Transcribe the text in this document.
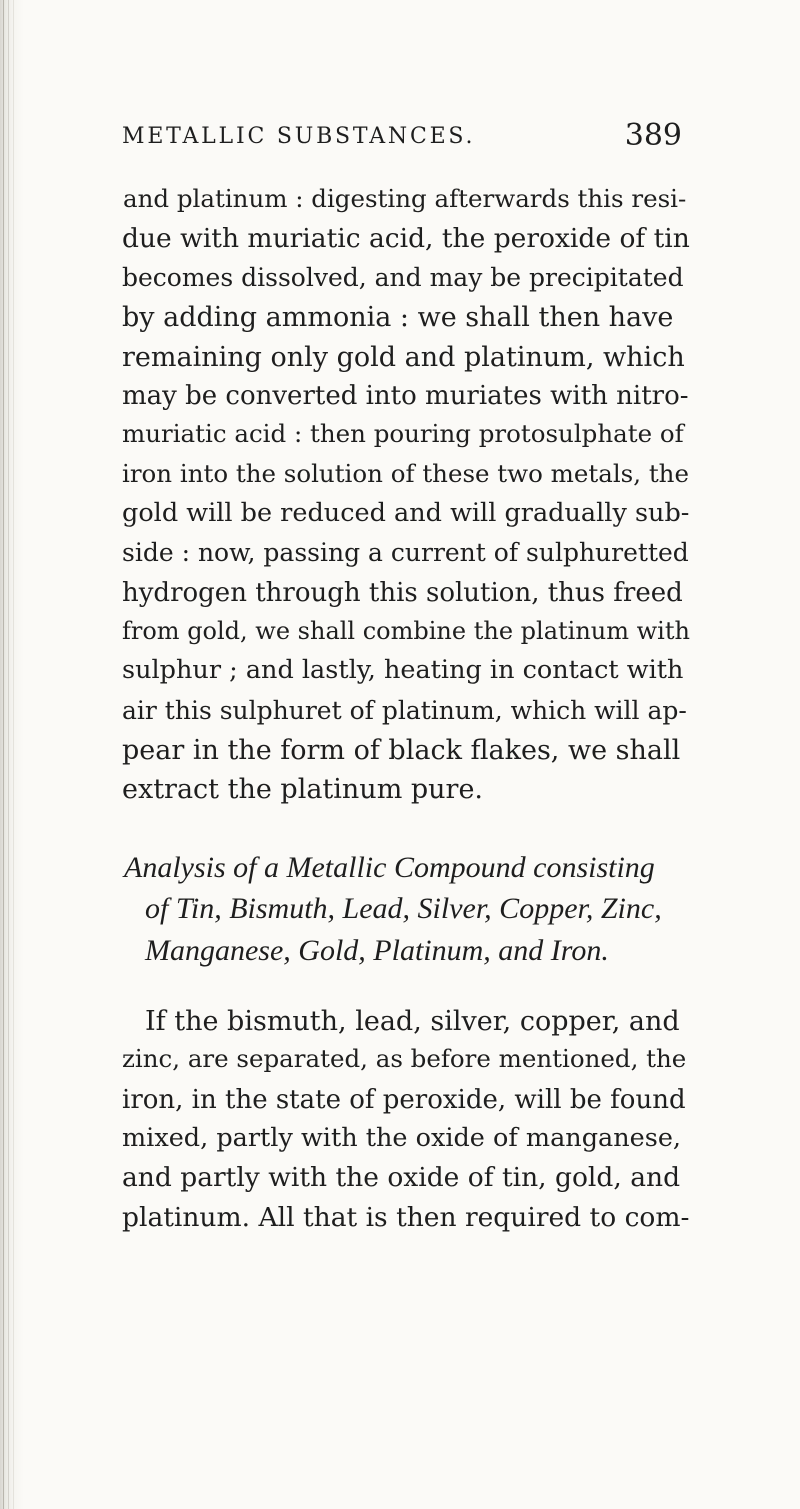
METALLIC SUBSTANCES.	389
and platinum : digesting afterwards this resi-
due with muriatic acid, the peroxide of tin
becomes dissolved, and may be precipitated
by adding ammonia : we shall then have
remaining only gold and platinum, which
may be converted into muriates with nitro-
muriatic acid : then pouring protosulphate of
iron into the solution of these two metals, the
gold will be reduced and will gradually sub-
side : now, passing a current of sulphuretted
hydrogen through this solution, thus freed
from gold, we shall combine the platinum with
sulphur ; and lastly, heating in contact with
air this sulphuret of platinum, which will ap-
pear in the form of black flakes, we shall
extract the platinum pure.
Analysis of a Metallic Compound consisting
of Tin, Bismuth, Lead, Silver, Copper, Zinc,
Manganese, Gold, Platinum, and Iron.
If the bismuth, lead, silver, copper, and
zinc, are separated, as before mentioned, the
iron, in the state of peroxide, will be found
mixed, partly with the oxide of manganese,
and partly with the oxide of tin, gold, and
platinum. All that is then required to com-
